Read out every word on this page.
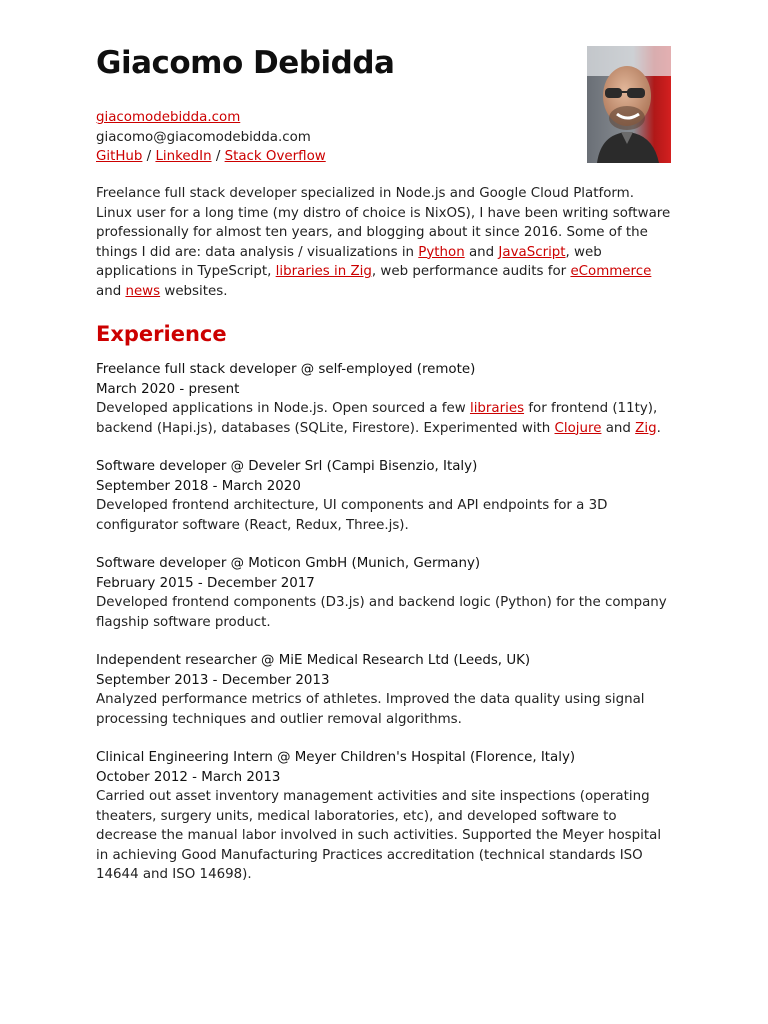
Giacomo Debidda
giacomodebidda.com
giacomo@giacomodebidda.com
GitHub / LinkedIn / Stack Overflow

Freelance full stack developer specialized in Node.js and Google Cloud Platform. Linux user for a long time (my distro of choice is NixOS), I have been writing software professionally for almost ten years, and blogging about it since 2016. Some of the things I did are: data analysis / visualizations in Python and JavaScript, web applications in TypeScript, libraries in Zig, web performance audits for eCommerce and news websites.

Experience
Freelance full stack developer @ self-employed (remote)
March 2020 - present
Developed applications in Node.js. Open sourced a few libraries for frontend (11ty), backend (Hapi.js), databases (SQLite, Firestore). Experimented with Clojure and Zig.
Software developer @ Develer Srl (Campi Bisenzio, Italy)
September 2018 - March 2020
Developed frontend architecture, UI components and API endpoints for a 3D configurator software (React, Redux, Three.js).
Software developer @ Moticon GmbH (Munich, Germany)
February 2015 - December 2017
Developed frontend components (D3.js) and backend logic (Python) for the company flagship software product.
Independent researcher @ MiE Medical Research Ltd (Leeds, UK)
September 2013 - December 2013
Analyzed performance metrics of athletes. Improved the data quality using signal processing techniques and outlier removal algorithms.
Clinical Engineering Intern @ Meyer Children's Hospital (Florence, Italy)
October 2012 - March 2013
Carried out asset inventory management activities and site inspections (operating theaters, surgery units, medical laboratories, etc), and developed software to decrease the manual labor involved in such activities. Supported the Meyer hospital in achieving Good Manufacturing Practices accreditation (technical standards ISO 14644 and ISO 14698).
